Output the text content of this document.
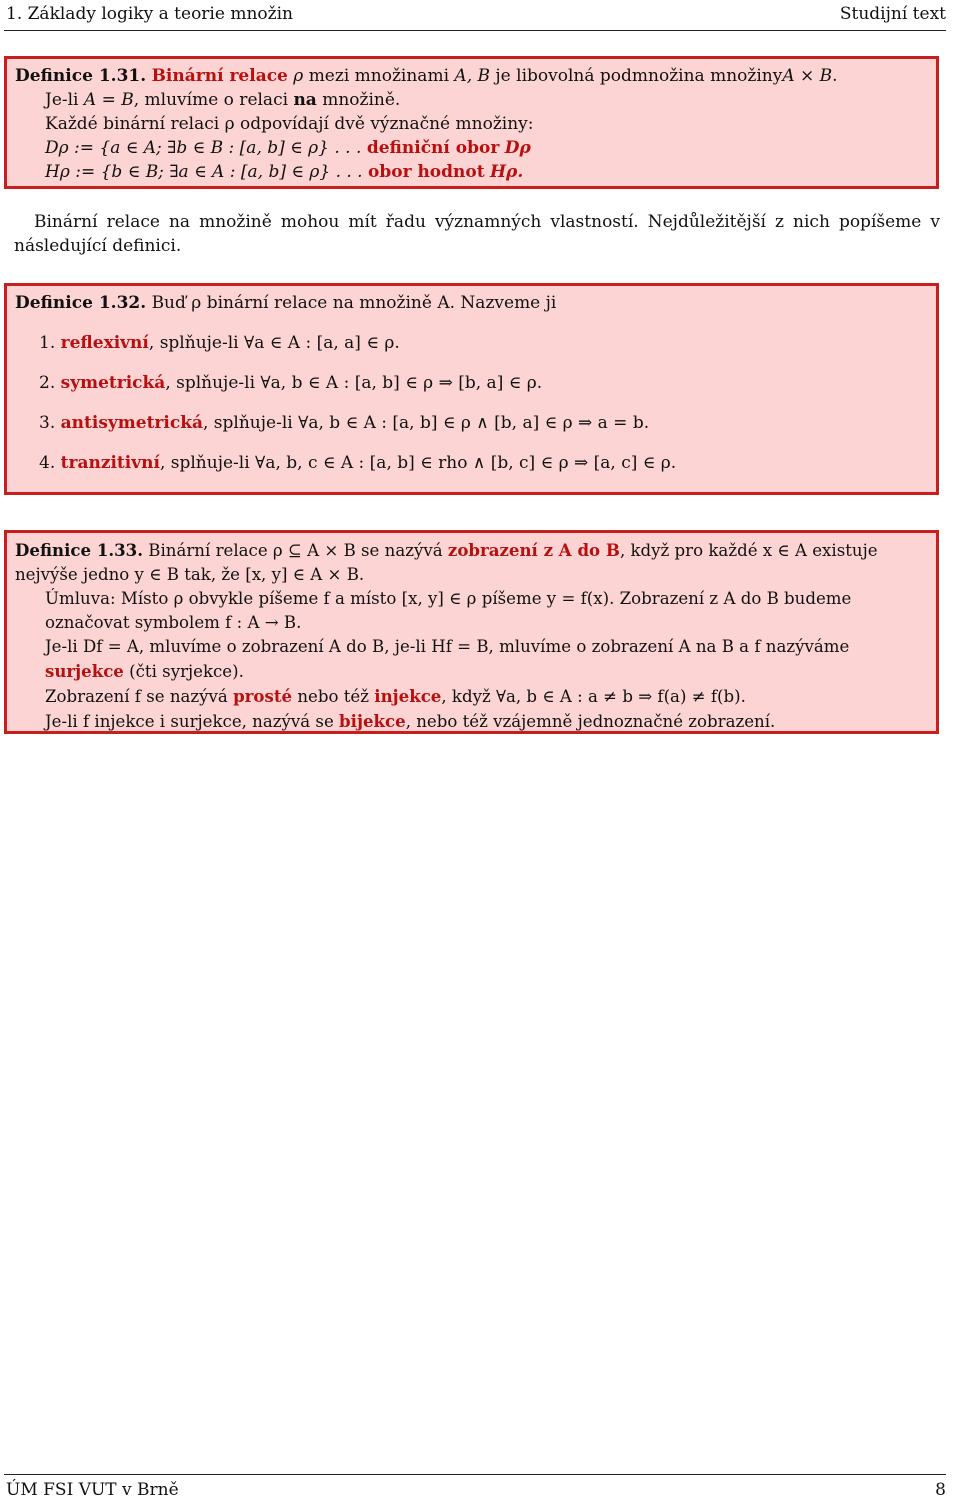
1. Základy logiky a teorie množin	Studijní text
Definice 1.31. Binární relace ρ mezi množinami A, B je libovolná podmnožina množinyA × B.
Je-li A = B, mluvíme o relaci na množině.
Každé binární relaci ρ odpovídají dvě význačné množiny:
Dρ := {a ∈ A; ∃b ∈ B : [a, b] ∈ ρ} . . . definiční obor Dρ
Hρ := {b ∈ B; ∃a ∈ A : [a, b] ∈ ρ} . . . obor hodnot Hρ.
Binární relace na množině mohou mít řadu významných vlastností. Nejdůležitější z nich popíšeme v následující definici.
Definice 1.32. Buď ρ binární relace na množině A. Nazveme ji
1. reflexivní, splňuje-li ∀a ∈ A : [a, a] ∈ ρ.
2. symetrická, splňuje-li ∀a, b ∈ A : [a, b] ∈ ρ ⇒ [b, a] ∈ ρ.
3. antisymetrická, splňuje-li ∀a, b ∈ A : [a, b] ∈ ρ ∧ [b, a] ∈ ρ ⇒ a = b.
4. tranzitivní, splňuje-li ∀a, b, c ∈ A : [a, b] ∈ rho ∧ [b, c] ∈ ρ ⇒ [a, c] ∈ ρ.
Definice 1.33. Binární relace ρ ⊆ A × B se nazývá zobrazení z A do B, když pro každé x ∈ A existuje nejvýše jedno y ∈ B tak, že [x, y] ∈ A × B.
Úmluva: Místo ρ obvykle píšeme f a místo [x, y] ∈ ρ píšeme y = f(x). Zobrazení z A do B budeme označovat symbolem f : A → B.
Je-li Df = A, mluvíme o zobrazení A do B, je-li Hf = B, mluvíme o zobrazení A na B a f nazýváme surjekce (čti syrjekce).
Zobrazení f se nazývá prosté nebo též injekce, když ∀a, b ∈ A : a ≠ b ⇒ f(a) ≠ f(b).
Je-li f injekce i surjekce, nazývá se bijekce, nebo též vzájemně jednoznačné zobrazení.
ÚM FSI VUT v Brně	8
